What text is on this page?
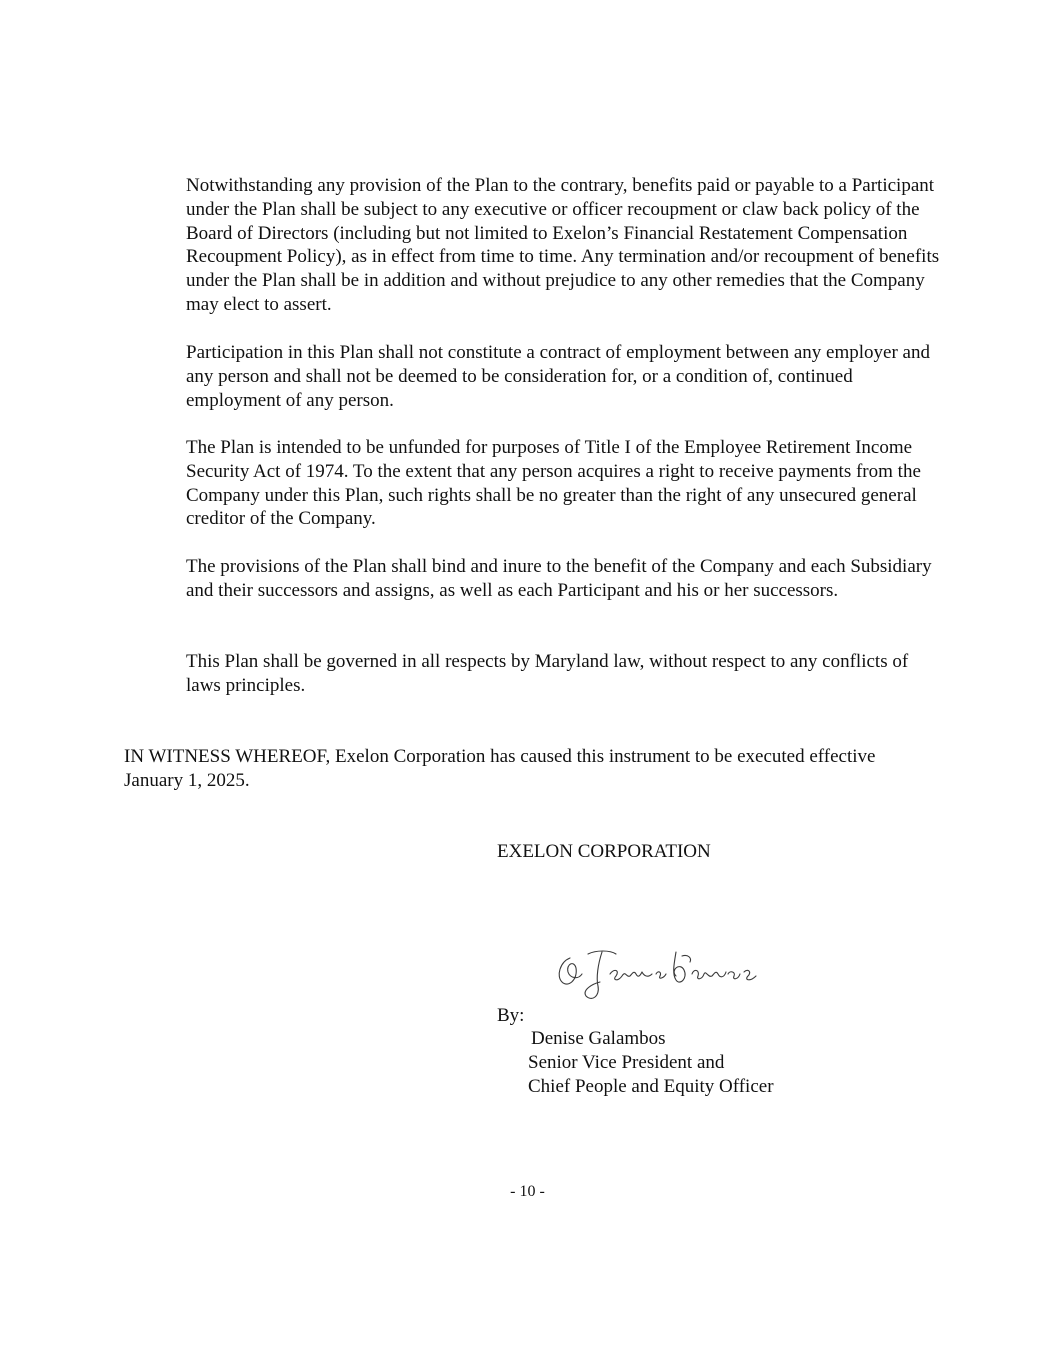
Notwithstanding any provision of the Plan to the contrary, benefits paid or payable to a Participant under the Plan shall be subject to any executive or officer recoupment or claw back policy of the Board of Directors (including but not limited to Exelon’s Financial Restatement Compensation Recoupment Policy), as in effect from time to time. Any termination and/or recoupment of benefits under the Plan shall be in addition and without prejudice to any other remedies that the Company may elect to assert.

Participation in this Plan shall not constitute a contract of employment between any employer and any person and shall not be deemed to be consideration for, or a condition of, continued employment of any person.

The Plan is intended to be unfunded for purposes of Title I of the Employee Retirement Income Security Act of 1974. To the extent that any person acquires a right to receive payments from the Company under this Plan, such rights shall be no greater than the right of any unsecured general creditor of the Company.

The provisions of the Plan shall bind and inure to the benefit of the Company and each Subsidiary and their successors and assigns, as well as each Participant and his or her successors.

This Plan shall be governed in all respects by Maryland law, without respect to any conflicts of laws principles.

IN WITNESS WHEREOF, Exelon Corporation has caused this instrument to be executed effective January 1, 2025.

EXELON CORPORATION

By:

Denise Galambos
Senior Vice President and
Chief People and Equity Officer

- 10 -
